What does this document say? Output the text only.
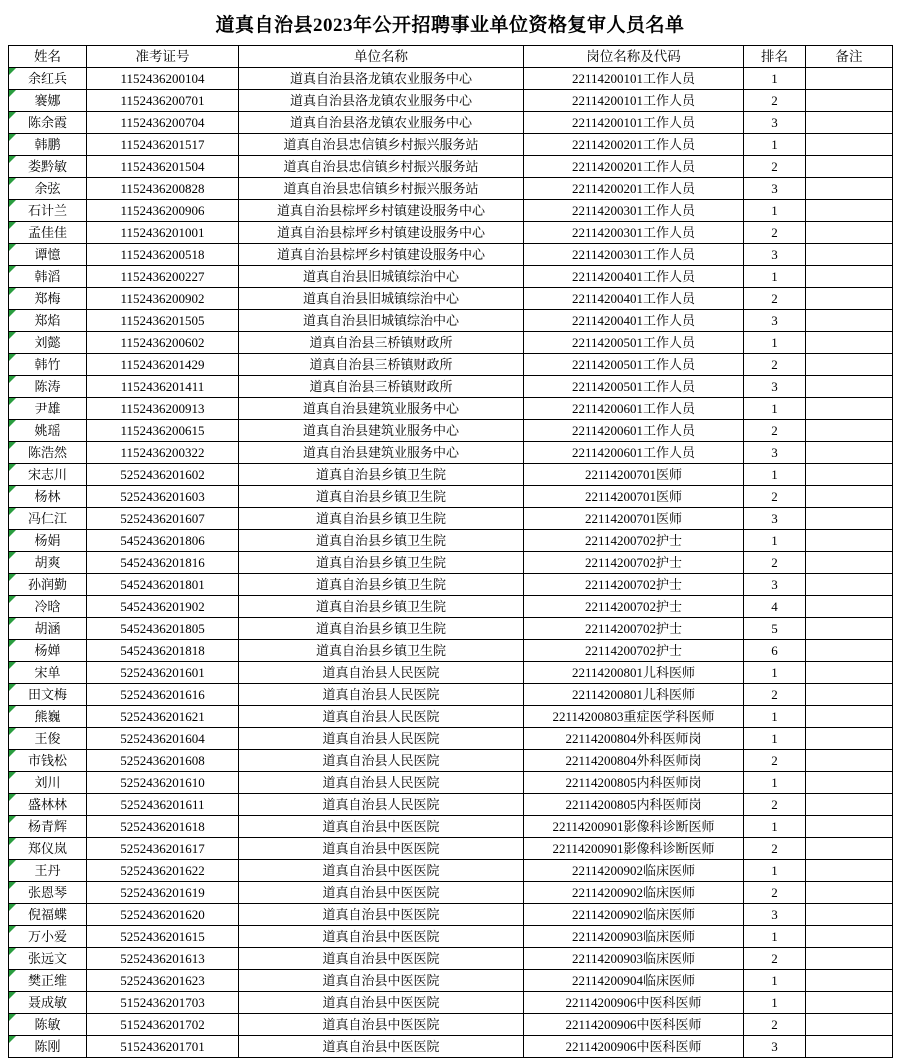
道真自治县2023年公开招聘事业单位资格复审人员名单
姓名	准考证号	单位名称	岗位名称及代码	排名	备注

余红兵	1152436200104	道真自治县洛龙镇农业服务中心	22114200101工作人员	1	

褰娜	1152436200701	道真自治县洛龙镇农业服务中心	22114200101工作人员	2	

陈余霞	1152436200704	道真自治县洛龙镇农业服务中心	22114200101工作人员	3	

韩鹏	1152436201517	道真自治县忠信镇乡村振兴服务站	22114200201工作人员	1	

娄黔敏	1152436201504	道真自治县忠信镇乡村振兴服务站	22114200201工作人员	2	

余弦	1152436200828	道真自治县忠信镇乡村振兴服务站	22114200201工作人员	3	

石计兰	1152436200906	道真自治县棕坪乡村镇建设服务中心	22114200301工作人员	1	

孟佳佳	1152436201001	道真自治县棕坪乡村镇建设服务中心	22114200301工作人员	2	

谭憶	1152436200518	道真自治县棕坪乡村镇建设服务中心	22114200301工作人员	3	

韩滔	1152436200227	道真自治县旧城镇综治中心	22114200401工作人员	1	

郑梅	1152436200902	道真自治县旧城镇综治中心	22114200401工作人员	2	

郑焰	1152436201505	道真自治县旧城镇综治中心	22114200401工作人员	3	

刘懿	1152436200602	道真自治县三桥镇财政所	22114200501工作人员	1	

韩竹	1152436201429	道真自治县三桥镇财政所	22114200501工作人员	2	

陈涛	1152436201411	道真自治县三桥镇财政所	22114200501工作人员	3	

尹雄	1152436200913	道真自治县建筑业服务中心	22114200601工作人员	1	

姚瑶	1152436200615	道真自治县建筑业服务中心	22114200601工作人员	2	

陈浩然	1152436200322	道真自治县建筑业服务中心	22114200601工作人员	3	

宋志川	5252436201602	道真自治县乡镇卫生院	22114200701医师	1	

杨林	5252436201603	道真自治县乡镇卫生院	22114200701医师	2	

冯仁江	5252436201607	道真自治县乡镇卫生院	22114200701医师	3	

杨娟	5452436201806	道真自治县乡镇卫生院	22114200702护士	1	

胡爽	5452436201816	道真自治县乡镇卫生院	22114200702护士	2	

孙润勤	5452436201801	道真自治县乡镇卫生院	22114200702护士	3	

冷晗	5452436201902	道真自治县乡镇卫生院	22114200702护士	4	

胡涵	5452436201805	道真自治县乡镇卫生院	22114200702护士	5	

杨婵	5452436201818	道真自治县乡镇卫生院	22114200702护士	6	

宋单	5252436201601	道真自治县人民医院	22114200801儿科医师	1	

田文梅	5252436201616	道真自治县人民医院	22114200801儿科医师	2	

熊巍	5252436201621	道真自治县人民医院	22114200803重症医学科医师	1	

王俊	5252436201604	道真自治县人民医院	22114200804外科医师岗	1	

市钱松	5252436201608	道真自治县人民医院	22114200804外科医师岗	2	

刘川	5252436201610	道真自治县人民医院	22114200805内科医师岗	1	

盛林林	5252436201611	道真自治县人民医院	22114200805内科医师岗	2	

杨青辉	5252436201618	道真自治县中医医院	22114200901影像科诊断医师	1	

郑仪岚	5252436201617	道真自治县中医医院	22114200901影像科诊断医师	2	

王丹	5252436201622	道真自治县中医医院	22114200902临床医师	1	

张恩琴	5252436201619	道真自治县中医医院	22114200902临床医师	2	

倪福蝶	5252436201620	道真自治县中医医院	22114200902临床医师	3	

万小爱	5252436201615	道真自治县中医医院	22114200903临床医师	1	

张远文	5252436201613	道真自治县中医医院	22114200903临床医师	2	

樊正维	5252436201623	道真自治县中医医院	22114200904临床医师	1	

聂成敏	5152436201703	道真自治县中医医院	22114200906中医科医师	1	

陈敏	5152436201702	道真自治县中医医院	22114200906中医科医师	2	

陈刚	5152436201701	道真自治县中医医院	22114200906中医科医师	3	
